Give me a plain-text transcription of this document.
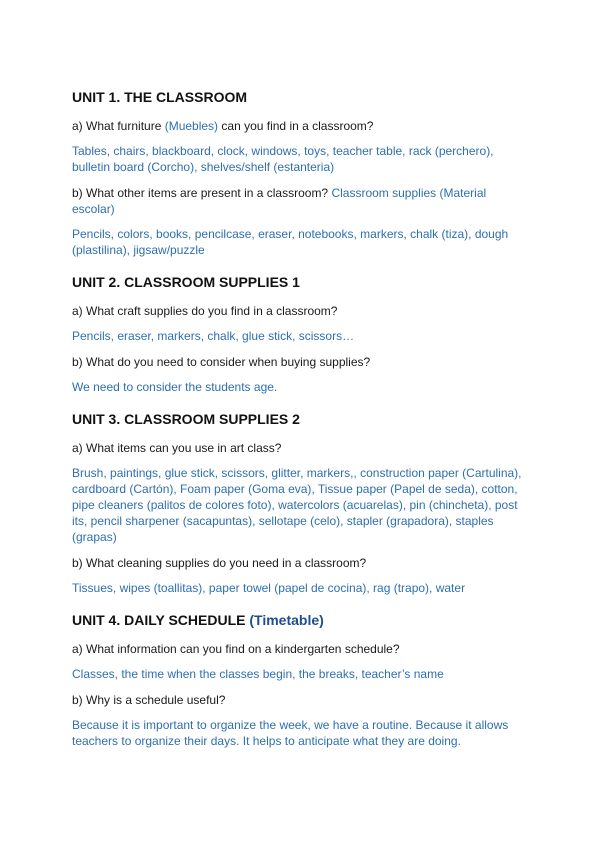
UNIT 1. THE CLASSROOM

a) What furniture (Muebles) can you find in a classroom?

Tables, chairs, blackboard, clock, windows, toys, teacher table, rack (perchero), bulletin board (Corcho), shelves/shelf (estanteria)

b) What other items are present in a classroom? Classroom supplies (Material escolar)

Pencils, colors, books, pencilcase, eraser, notebooks, markers, chalk (tiza), dough (plastilina), jigsaw/puzzle

UNIT 2. CLASSROOM SUPPLIES 1

a) What craft supplies do you find in a classroom?

Pencils, eraser, markers, chalk, glue stick, scissors…

b) What do you need to consider when buying supplies?

We need to consider the students age.

UNIT 3. CLASSROOM SUPPLIES 2

a) What items can you use in art class?

Brush, paintings, glue stick, scissors, glitter, markers,, construction paper (Cartulina), cardboard (Cartón), Foam paper (Goma eva), Tissue paper (Papel de seda), cotton, pipe cleaners (palitos de colores foto), watercolors (acuarelas), pin (chincheta), post its, pencil sharpener (sacapuntas), sellotape (celo), stapler (grapadora), staples (grapas)

b) What cleaning supplies do you need in a classroom?

Tissues, wipes (toallitas), paper towel (papel de cocina), rag (trapo), water

UNIT 4. DAILY SCHEDULE (Timetable)

a) What information can you find on a kindergarten schedule?

Classes, the time when the classes begin, the breaks, teacher’s name

b) Why is a schedule useful?

Because it is important to organize the week, we have a routine. Because it allows teachers to organize their days. It helps to anticipate what they are doing.
